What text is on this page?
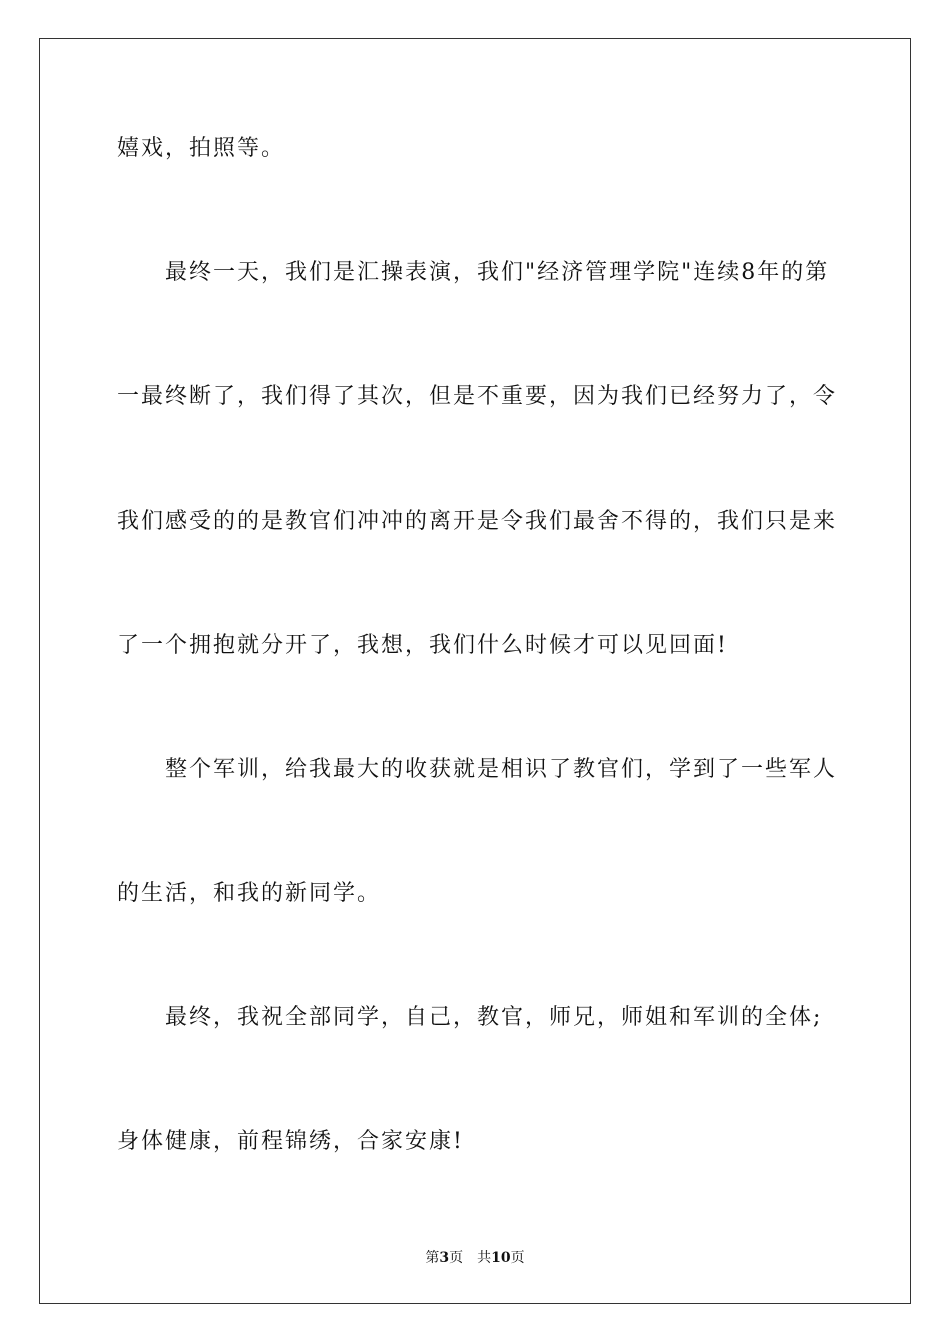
嬉戏，拍照等。
最终一天，我们是汇操表演，我们"经济管理学院"连续8年的第
一最终断了，我们得了其次，但是不重要，因为我们已经努力了，令
我们感受的的是教官们冲冲的离开是令我们最舍不得的，我们只是来
了一个拥抱就分开了，我想，我们什么时候才可以见回面!
整个军训，给我最大的收获就是相识了教官们，学到了一些军人
的生活，和我的新同学。
最终，我祝全部同学，自己，教官，师兄，师姐和军训的全体;
身体健康，前程锦绣，合家安康!
第3页 共10页
